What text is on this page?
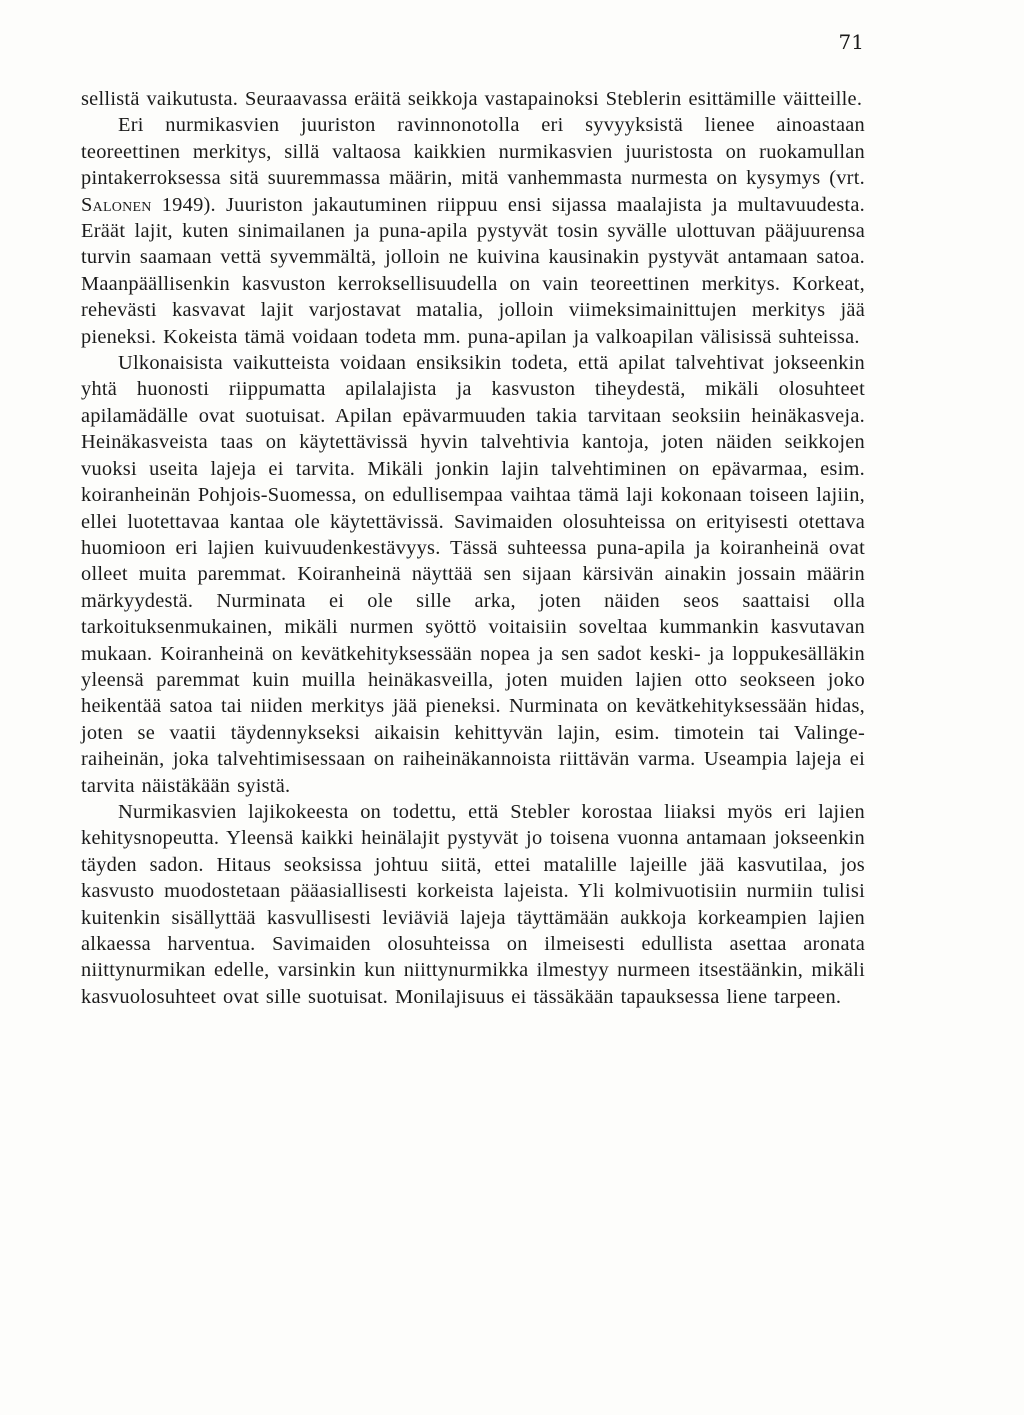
71

sellistä vaikutusta. Seuraavassa eräitä seikkoja vastapainoksi Steblerin esittämille väitteille.

Eri nurmikasvien juuriston ravinnonotolla eri syvyyksistä lienee ainoastaan teoreettinen merkitys, sillä valtaosa kaikkien nurmikasvien juuristosta on ruokamullan pintakerroksessa sitä suuremmassa määrin, mitä vanhemmasta nurmesta on kysymys (vrt. Salonen 1949). Juuriston jakautuminen riippuu ensi sijassa maalajista ja multavuudesta. Eräät lajit, kuten sinimailanen ja puna-apila pystyvät tosin syvälle ulottuvan pääjuurensa turvin saamaan vettä syvemmältä, jolloin ne kuivina kausinakin pystyvät antamaan satoa. Maanpäällisenkin kasvuston kerroksellisuudella on vain teoreettinen merkitys. Korkeat, rehevästi kasvavat lajit varjostavat matalia, jolloin viimeksimainittujen merkitys jää pieneksi. Kokeista tämä voidaan todeta mm. puna-apilan ja valkoapilan välisissä suhteissa.

Ulkonaisista vaikutteista voidaan ensiksikin todeta, että apilat talvehtivat jokseenkin yhtä huonosti riippumatta apilalajista ja kasvuston tiheydestä, mikäli olosuhteet apilamädälle ovat suotuisat. Apilan epävarmuuden takia tarvitaan seoksiin heinäkasveja. Heinäkasveista taas on käytettävissä hyvin talvehtivia kantoja, joten näiden seikkojen vuoksi useita lajeja ei tarvita. Mikäli jonkin lajin talvehtiminen on epävarmaa, esim. koiranheinän Pohjois-Suomessa, on edullisempaa vaihtaa tämä laji kokonaan toiseen lajiin, ellei luotettavaa kantaa ole käytettävissä. Savimaiden olosuhteissa on erityisesti otettava huomioon eri lajien kuivuudenkestävyys. Tässä suhteessa puna-apila ja koiranheinä ovat olleet muita paremmat. Koiranheinä näyttää sen sijaan kärsivän ainakin jossain määrin märkyydestä. Nurminata ei ole sille arka, joten näiden seos saattaisi olla tarkoituksenmukainen, mikäli nurmen syöttö voitaisiin soveltaa kummankin kasvutavan mukaan. Koiranheinä on kevätkehityksessään nopea ja sen sadot keski- ja loppukesälläkin yleensä paremmat kuin muilla heinäkasveilla, joten muiden lajien otto seokseen joko heikentää satoa tai niiden merkitys jää pieneksi. Nurminata on kevätkehityksessään hidas, joten se vaatii täydennykseksi aikaisin kehittyvän lajin, esim. timotein tai Valinge-raiheinän, joka talvehtimisessaan on raiheinäkannoista riittävän varma. Useampia lajeja ei tarvita näistäkään syistä.

Nurmikasvien lajikokeesta on todettu, että Stebler korostaa liiaksi myös eri lajien kehitysnopeutta. Yleensä kaikki heinälajit pystyvät jo toisena vuonna antamaan jokseenkin täyden sadon. Hitaus seoksissa johtuu siitä, ettei matalille lajeille jää kasvutilaa, jos kasvusto muodostetaan pääasiallisesti korkeista lajeista. Yli kolmivuotisiin nurmiin tulisi kuitenkin sisällyttää kasvullisesti leviäviä lajeja täyttämään aukkoja korkeampien lajien alkaessa harventua. Savimaiden olosuhteissa on ilmeisesti edullista asettaa aronata niittynurmikan edelle, varsinkin kun niittynurmikka ilmestyy nurmeen itsestäänkin, mikäli kasvuolosuhteet ovat sille suotuisat. Monilajisuus ei tässäkään tapauksessa liene tarpeen.
